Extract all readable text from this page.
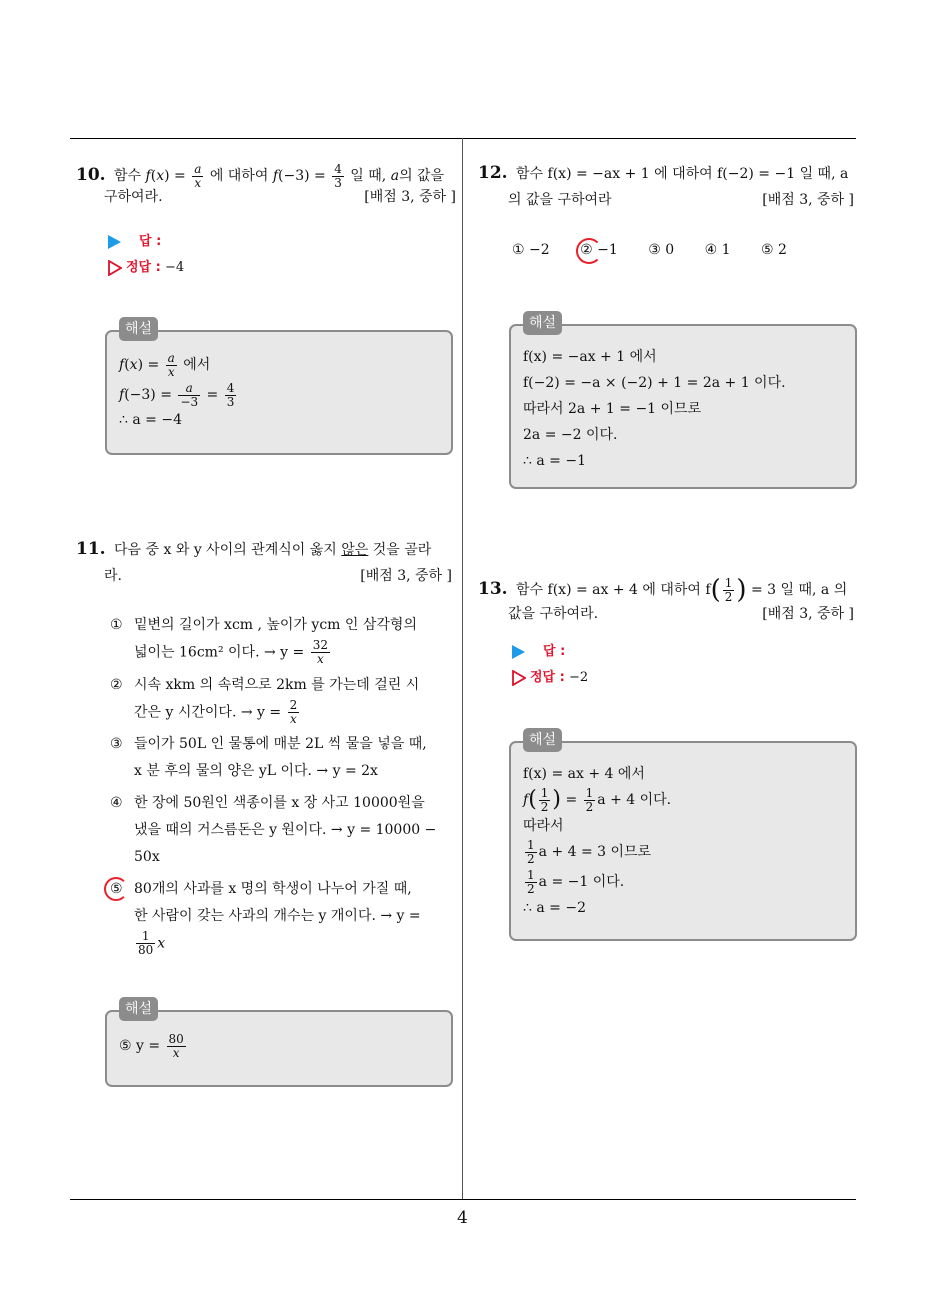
10. 함수 $f(x) = \frac{a}{x}$ 에 대하여 $f(-3) = \frac{4}{3}$ 일 때, a의 값을
구하여라.	[배점 3, 중하 ]
답 :
정답 : −4
해설
$f(x) = \frac{a}{x}$ 에서
$f(-3) = \frac{a}{-3} = \frac{4}{3}$
∴ a = −4
11. 다음 중 x 와 y 사이의 관계식이 옳지 않은 것을 골라
라.	[배점 3, 중하 ]
① 밑변의 길이가 xcm , 높이가 ycm 인 삼각형의
넓이는 16cm² 이다. → $y = \frac{32}{x}$
② 시속 xkm 의 속력으로 2km 를 가는데 걸린 시
간은 y 시간이다. → $y = \frac{2}{x}$
③ 들이가 50L 인 물통에 매분 2L 씩 물을 넣을 때,
x 분 후의 물의 양은 yL 이다. → y = 2x
④ 한 장에 50원인 색종이를 x 장 사고 10000원을
냈을 때의 거스름돈은 y 원이다. → y = 10000 −
50x
⑤ 80개의 사과를 x 명의 학생이 나누어 가질 때,
한 사람이 갖는 사과의 개수는 y 개이다. → y =
$\frac{1}{80}$ x
해설
⑤ $y = \frac{80}{x}$
12. 함수 f(x) = −ax + 1 에 대하여 f(−2) = −1 일 때, a
의 값을 구하여라	[배점 3, 중하 ]
① −2 ② −1 ③ 0 ④ 1 ⑤ 2
해설
f(x) = −ax + 1 에서
f(−2) = −a × (−2) + 1 = 2a + 1 이다.
따라서 2a + 1 = −1 이므로
2a = −2 이다.
∴ a = −1
13. 함수 f(x) = ax + 4 에 대하여 $f( \frac{1}{2}$ ) = 3 일 때, a 의
값을 구하여라.	[배점 3, 중하 ]
답 :
정답 : −2
해설
f(x) = ax + 4 에서
$f( \frac{1}{2}$ ) = $\frac{1}{2}$ a + 4 이다.
따라서
$\frac{1}{2}$ a + 4 = 3 이므로
$\frac{1}{2}$ a = −1 이다.
∴ a = −2
4
